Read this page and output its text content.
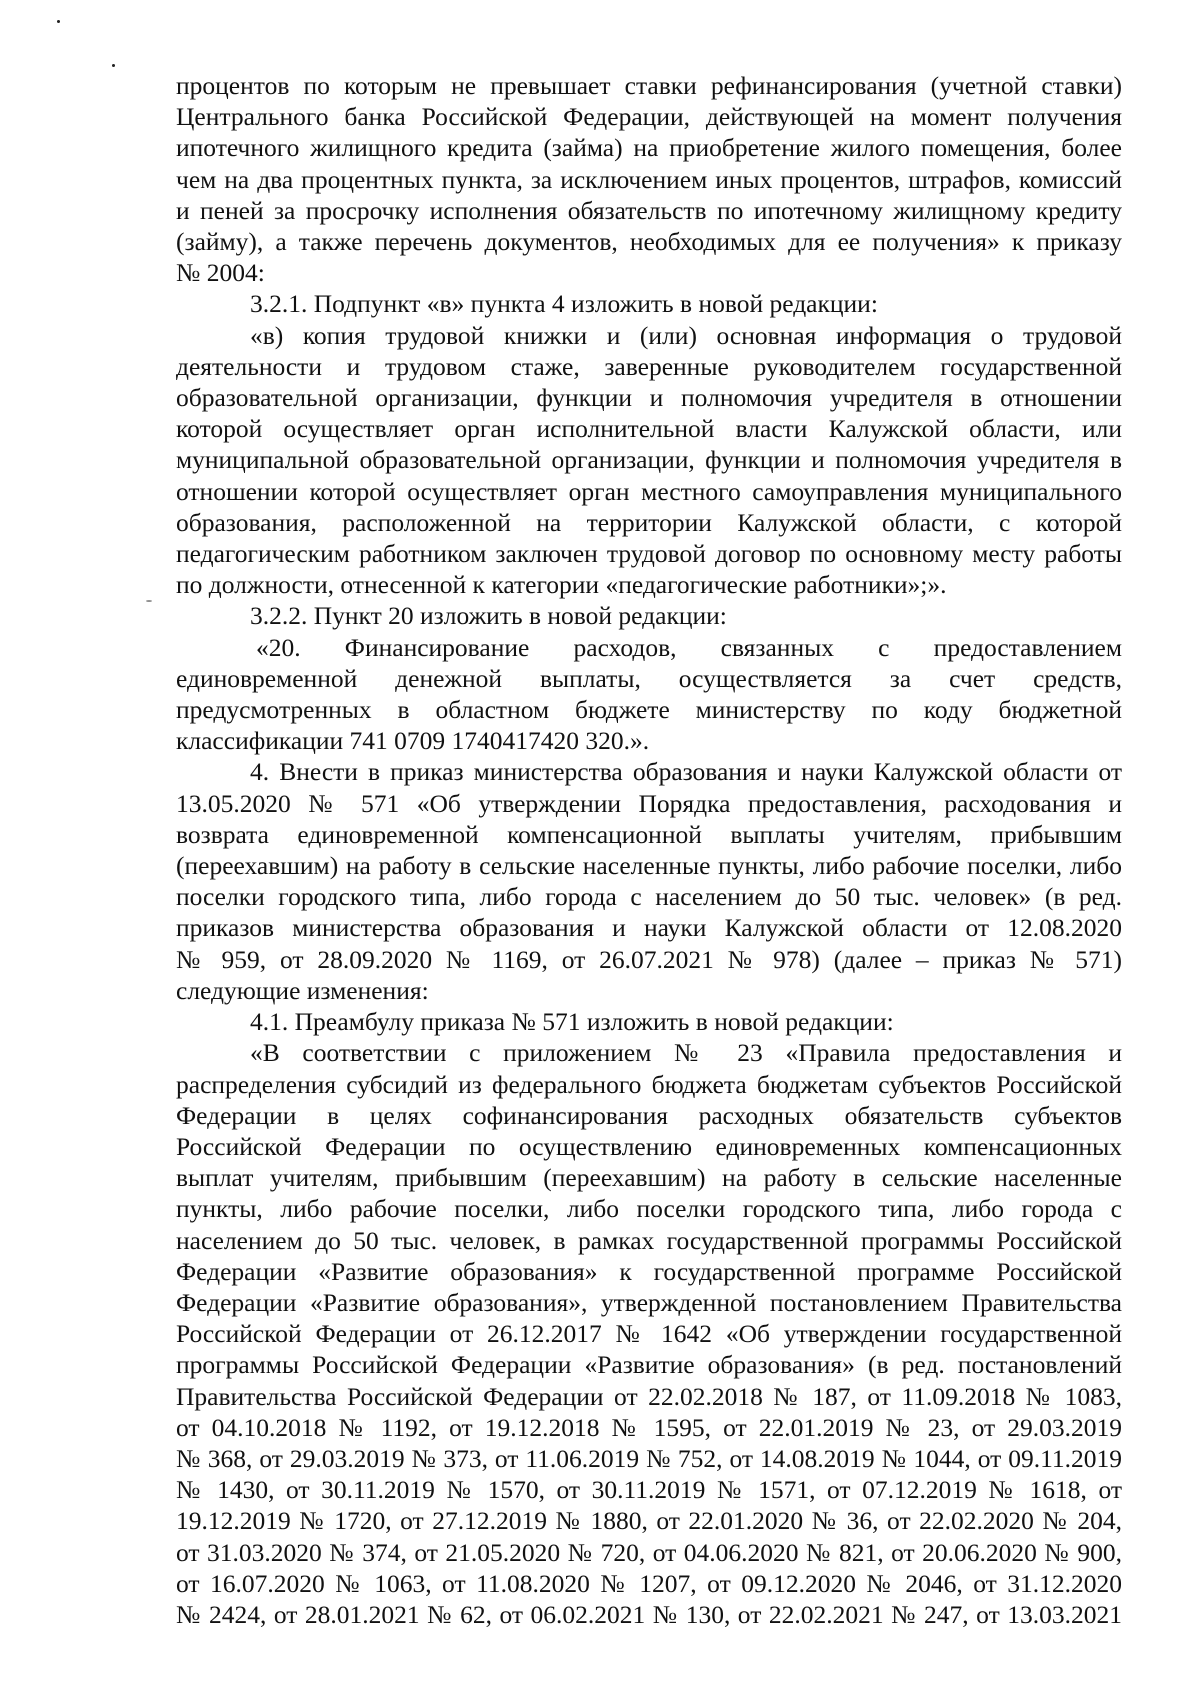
процентов по которым не превышает ставки рефинансирования (учетной ставки)
Центрального банка Российской Федерации, действующей на момент получения
ипотечного жилищного кредита (займа) на приобретение жилого помещения, более
чем на два процентных пункта, за исключением иных процентов, штрафов, комиссий
и пеней за просрочку исполнения обязательств по ипотечному жилищному кредиту
(займу), а также перечень документов, необходимых для ее получения» к приказу
№ 2004:
3.2.1. Подпункт «в» пункта 4 изложить в новой редакции:
«в) копия трудовой книжки и (или) основная информация о трудовой
деятельности и трудовом стаже, заверенные руководителем государственной
образовательной организации, функции и полномочия учредителя в отношении
которой осуществляет орган исполнительной власти Калужской области, или
муниципальной образовательной организации, функции и полномочия учредителя в
отношении которой осуществляет орган местного самоуправления муниципального
образования, расположенной на территории Калужской области, с которой
педагогическим работником заключен трудовой договор по основному месту работы
по должности, отнесенной к категории «педагогические работники»;».
3.2.2. Пункт 20 изложить в новой редакции:
«20. Финансирование расходов, связанных с предоставлением
единовременной денежной выплаты, осуществляется за счет средств,
предусмотренных в областном бюджете министерству по коду бюджетной
классификации 741 0709 1740417420 320.».
4. Внести в приказ министерства образования и науки Калужской области от
13.05.2020 № 571 «Об утверждении Порядка предоставления, расходования и
возврата единовременной компенсационной выплаты учителям, прибывшим
(переехавшим) на работу в сельские населенные пункты, либо рабочие поселки, либо
поселки городского типа, либо города с населением до 50 тыс. человек» (в ред.
приказов министерства образования и науки Калужской области от 12.08.2020
№ 959, от 28.09.2020 № 1169, от 26.07.2021 № 978) (далее – приказ № 571)
следующие изменения:
4.1. Преамбулу приказа № 571 изложить в новой редакции:
«В соответствии с приложением № 23 «Правила предоставления и
распределения субсидий из федерального бюджета бюджетам субъектов Российской
Федерации в целях софинансирования расходных обязательств субъектов
Российской Федерации по осуществлению единовременных компенсационных
выплат учителям, прибывшим (переехавшим) на работу в сельские населенные
пункты, либо рабочие поселки, либо поселки городского типа, либо города с
населением до 50 тыс. человек, в рамках государственной программы Российской
Федерации «Развитие образования» к государственной программе Российской
Федерации «Развитие образования», утвержденной постановлением Правительства
Российской Федерации от 26.12.2017 № 1642 «Об утверждении государственной
программы Российской Федерации «Развитие образования» (в ред. постановлений
Правительства Российской Федерации от 22.02.2018 № 187, от 11.09.2018 № 1083,
от 04.10.2018 № 1192, от 19.12.2018 № 1595, от 22.01.2019 № 23, от 29.03.2019
№ 368, от 29.03.2019 № 373, от 11.06.2019 № 752, от 14.08.2019 № 1044, от 09.11.2019
№ 1430, от 30.11.2019 № 1570, от 30.11.2019 № 1571, от 07.12.2019 № 1618, от
19.12.2019 № 1720, от 27.12.2019 № 1880, от 22.01.2020 № 36, от 22.02.2020 № 204,
от 31.03.2020 № 374, от 21.05.2020 № 720, от 04.06.2020 № 821, от 20.06.2020 № 900,
от 16.07.2020 № 1063, от 11.08.2020 № 1207, от 09.12.2020 № 2046, от 31.12.2020
№ 2424, от 28.01.2021 № 62, от 06.02.2021 № 130, от 22.02.2021 № 247, от 13.03.2021
